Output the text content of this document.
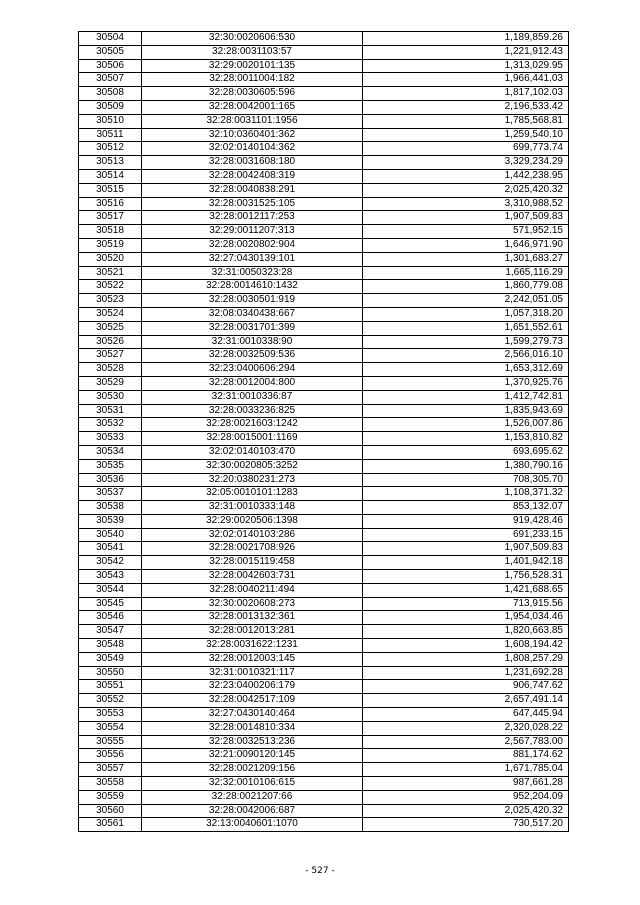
30504	32:30:0020606:530	1,189,859.26
30505	32:28:0031103:57	1,221,912.43
30506	32:29:0020101:135	1,313,029.95
30507	32:28:0011004:182	1,966,441.03
30508	32:28:0030605:596	1,817,102.03
30509	32:28:0042001:165	2,196,533.42
30510	32:28:0031101:1956	1,785,568.81
30511	32:10:0360401:362	1,259,540.10
30512	32:02:0140104:362	699,773.74
30513	32:28:0031608:180	3,329,234.29
30514	32:28:0042408:319	1,442,238.95
30515	32:28:0040838:291	2,025,420.32
30516	32:28:0031525:105	3,310,988.52
30517	32:28:0012117:253	1,907,509.83
30518	32:29:0011207:313	571,952.15
30519	32:28:0020802:904	1,646,971.90
30520	32:27:0430139:101	1,301,683.27
30521	32:31:0050323:28	1,665,116.29
30522	32:28:0014610:1432	1,860,779.08
30523	32:28:0030501:919	2,242,051.05
30524	32:08:0340438:667	1,057,318.20
30525	32:28:0031701:399	1,651,552.61
30526	32:31:0010338:90	1,599,279.73
30527	32:28:0032509:536	2,566,016.10
30528	32:23:0400606:294	1,653,312.69
30529	32:28:0012004:800	1,370,925.76
30530	32:31:0010336:87	1,412,742.81
30531	32:28:0033236:825	1,835,943.69
30532	32:28:0021603:1242	1,526,007.86
30533	32:28:0015001:1169	1,153,810.82
30534	32:02:0140103:470	693,695.62
30535	32:30:0020805:3252	1,380,790.16
30536	32:20:0380231:273	708,305.70
30537	32:05:0010101:1283	1,108,371.32
30538	32:31:0010333:148	853,132.07
30539	32:29:0020506:1398	919,428.46
30540	32:02:0140103:286	691,233.15
30541	32:28:0021708:926	1,907,509.83
30542	32:28:0015119:458	1,401,942.18
30543	32:28:0042603:731	1,756,528.31
30544	32:28:0040211:494	1,421,688.65
30545	32:30:0020608:273	713,915.56
30546	32:28:0013132:361	1,954,034.46
30547	32:28:0012013:281	1,820,663.85
30548	32:28:0031622:1231	1,608,194.42
30549	32:28:0012003:145	1,808,257.29
30550	32:31:0010321:117	1,231,692.28
30551	32:23:0400206:179	906,747.62
30552	32:28:0042517:109	2,657,491.14
30553	32:27:0430140:464	647,445.94
30554	32:28:0014810:334	2,320,028.22
30555	32:28:0032513:236	2,567,783.00
30556	32:21:0090120:145	881,174.62
30557	32:28:0021209:156	1,671,785.04
30558	32:32:0010106:615	987,661.28
30559	32:28:0021207:66	952,204.09
30560	32:28:0042006:687	2,025,420.32
30561	32:13:0040601:1070	730,517.20
- 527 -
